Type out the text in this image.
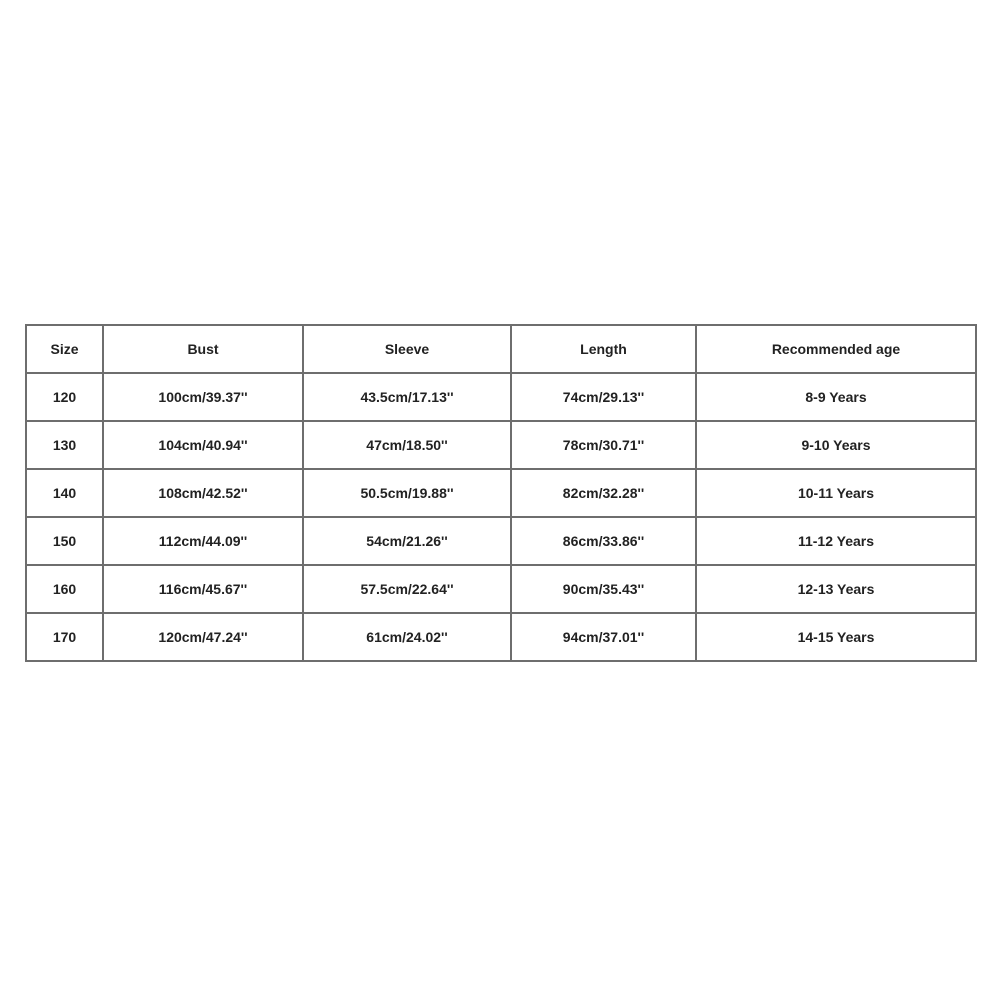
Size	Bust	Sleeve	Length	Recommended age
120	100cm/39.37''	43.5cm/17.13''	74cm/29.13''	8-9 Years
130	104cm/40.94''	47cm/18.50''	78cm/30.71''	9-10 Years
140	108cm/42.52''	50.5cm/19.88''	82cm/32.28''	10-11 Years
150	112cm/44.09''	54cm/21.26''	86cm/33.86''	11-12 Years
160	116cm/45.67''	57.5cm/22.64''	90cm/35.43''	12-13 Years
170	120cm/47.24''	61cm/24.02''	94cm/37.01''	14-15 Years
